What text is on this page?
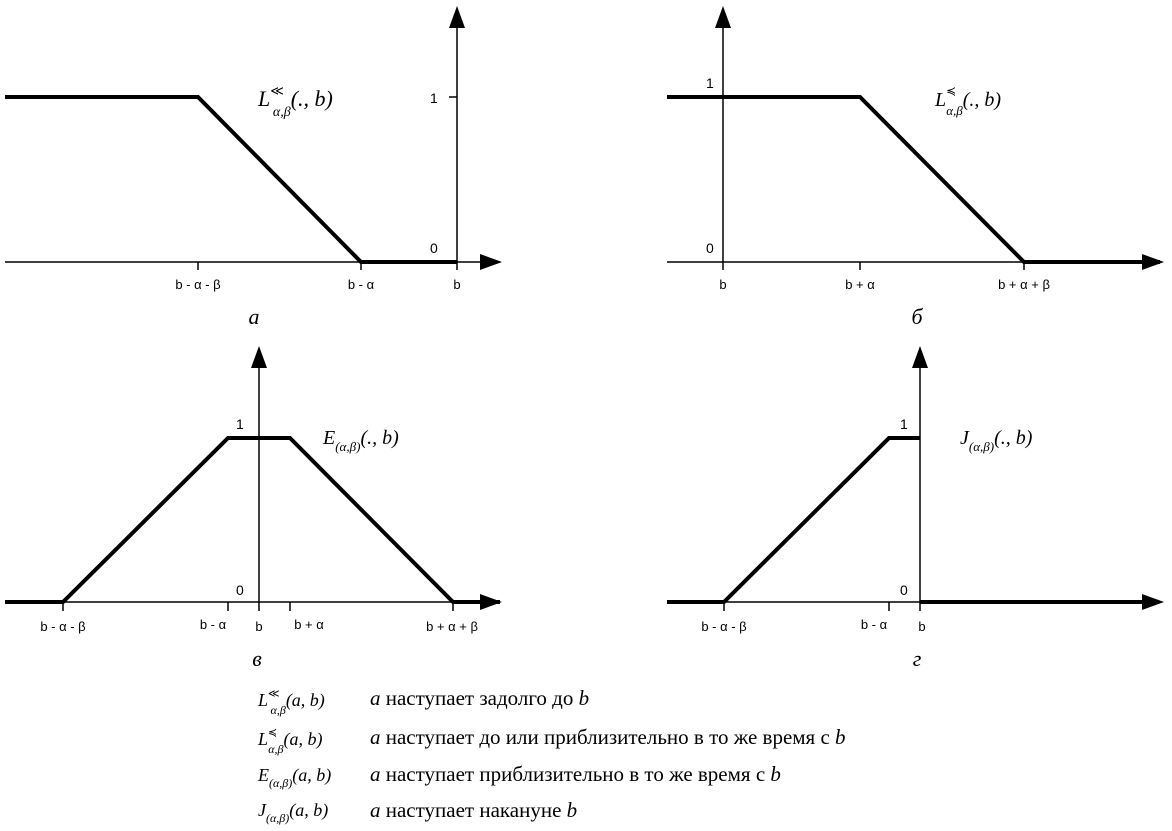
1
0
b - α - β	b - α	b
L≪ α,β(., b)
а
1
0
b	b + α	b + α + β
L≼ α,β(., b)
б
1
0
b - α - β	b - α b b + α	b + α + β
$E_{(\alpha,\beta)}$(., b)
в
1
0
b - α - β	b - α b
$J_{(\alpha,\beta)}$(., b)
г
L≪ α,β(a, b) a наступает задолго до b
L≼ α,β(a, b) a наступает до или приблизительно в то же время с b
$E_{(\alpha,\beta)}(a$, b) a наступает приблизительно в то же время с b
$J_{(\alpha,\beta)}(a$, b) a наступает накануне b
